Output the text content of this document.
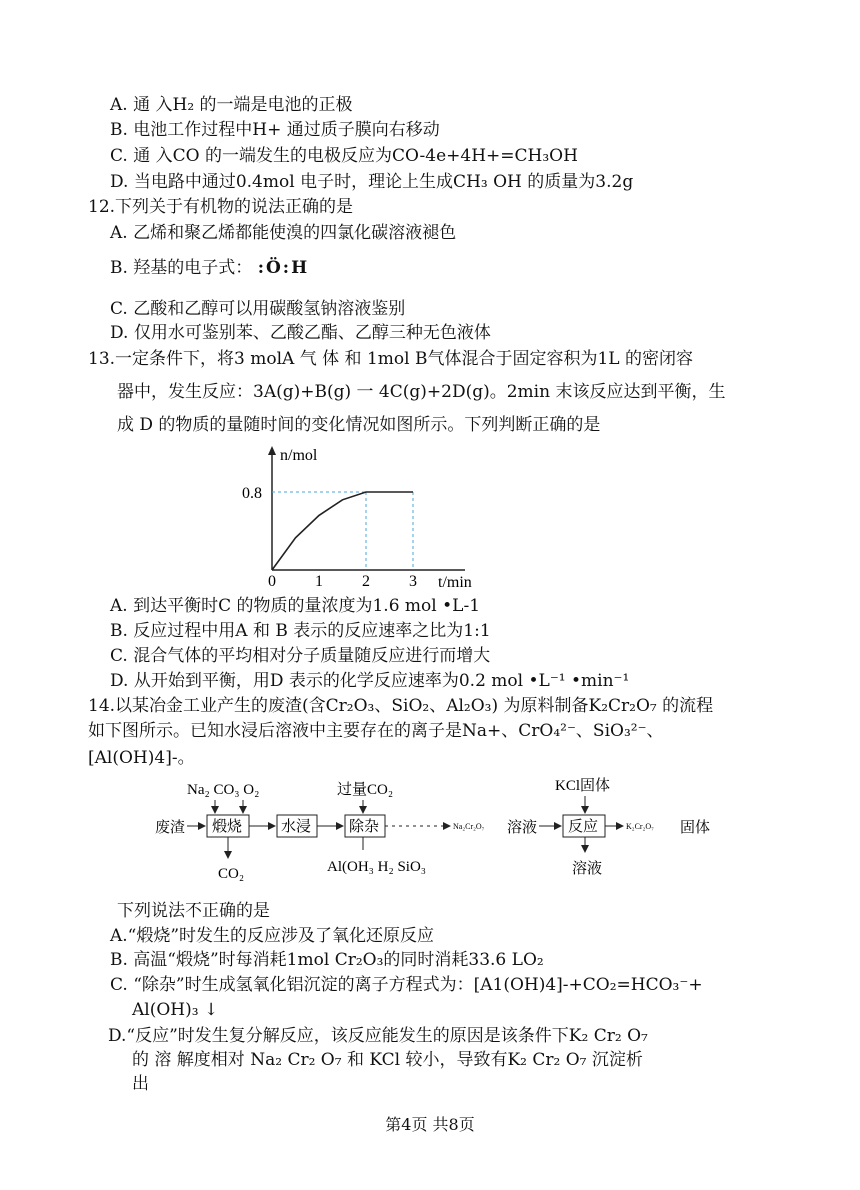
A. 通 入H₂ 的一端是电池的正极
B. 电池工作过程中H+ 通过质子膜向右移动
C. 通 入CO 的一端发生的电极反应为CO-4e+4H+=CH₃OH
D. 当电路中通过0.4mol 电子时，理论上生成CH₃ OH 的质量为3.2g
12.下列关于有机物的说法正确的是
A. 乙烯和聚乙烯都能使溴的四氯化碳溶液褪色
B. 羟基的电子式： :Ö:H
C. 乙酸和乙醇可以用碳酸氢钠溶液鉴别
D. 仅用水可鉴别苯、乙酸乙酯、乙醇三种无色液体
13.一定条件下，将3 molA 气 体 和 1mol B气体混合于固定容积为1L 的密闭容
器中，发生反应：3A(g)+B(g) 一 4C(g)+2D(g)。2min 末该反应达到平衡，生
成 D 的物质的量随时间的变化情况如图所示。下列判断正确的是
n/mol
t/min
0 1 2 3
0.8
A. 到达平衡时C 的物质的量浓度为1.6 mol •L-1
B. 反应过程中用A 和 B 表示的反应速率之比为1:1
C. 混合气体的平均相对分子质量随反应进行而增大
D. 从开始到平衡，用D 表示的化学反应速率为0.2 mol •L⁻¹ •min⁻¹
14.以某冶金工业产生的废渣(含Cr₂O₃、SiO₂、Al₂O₃) 为原料制备K₂Cr₂O₇ 的流程
如下图所示。已知水浸后溶液中主要存在的离子是Na+、CrO₄²⁻、SiO₃²⁻、
[Al(OH)4]-。
Na₂ CO₃ O₂	过量CO₂	KCl固体
废渣 煅烧	水浸	除杂	Na₂Cr₂O₇ 溶液 反应	K₂Cr₂O₇ 固体
CO₂	Al(OH₃ H₂ SiO₃	溶液
下列说法不正确的是
A.“煅烧”时发生的反应涉及了氧化还原反应
B. 高温“煅烧”时每消耗1mol Cr₂O₃的同时消耗33.6 LO₂
C. “除杂”时生成氢氧化铝沉淀的离子方程式为：[A1(OH)4]-+CO₂=HCO₃⁻+
Al(OH)₃ ↓
D.“反应”时发生复分解反应，该反应能发生的原因是该条件下K₂ Cr₂ O₇
的 溶 解度相对 Na₂ Cr₂ O₇ 和 KCl 较小，导致有K₂ Cr₂ O₇ 沉淀析
出
第4页 共8页
